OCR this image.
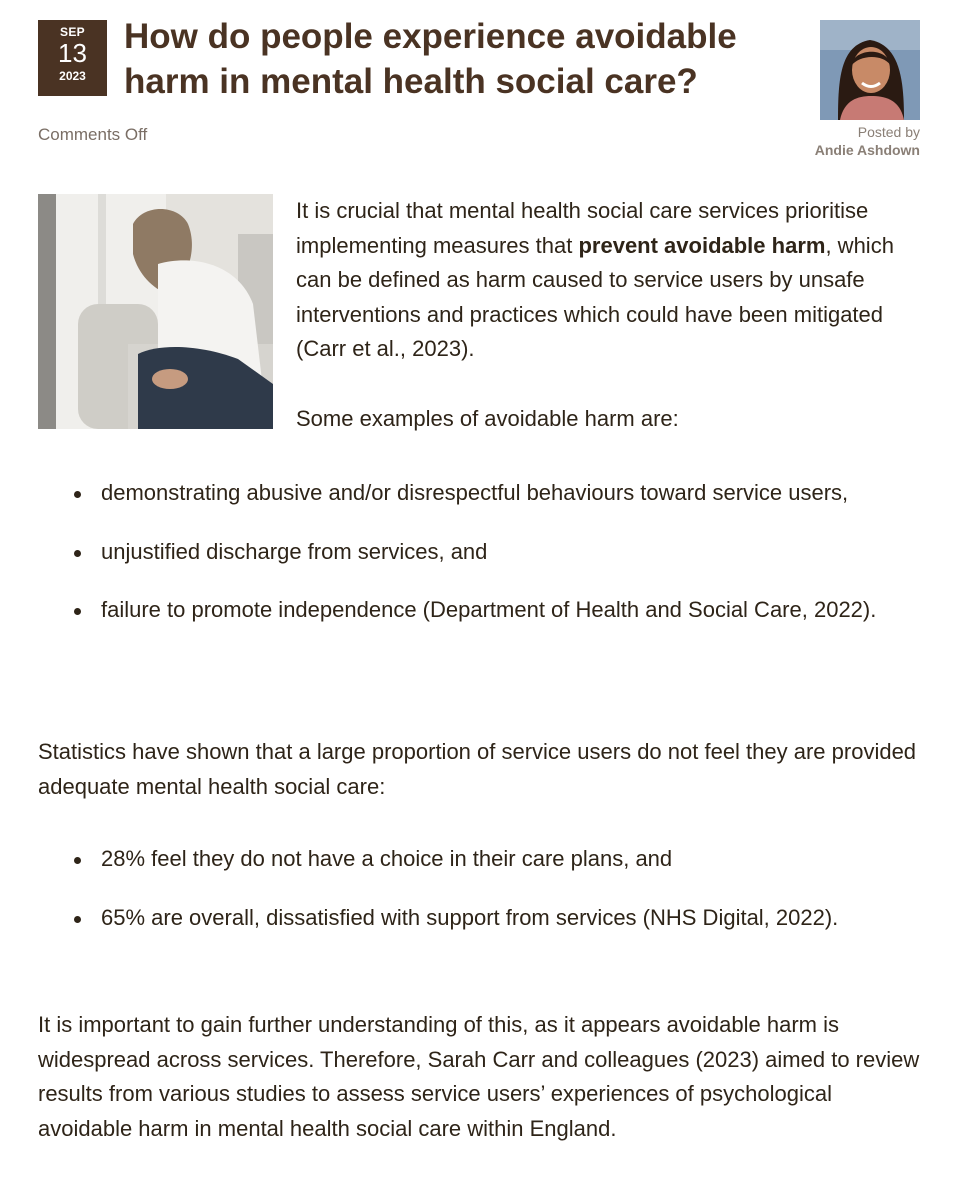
SEP
13
2023
How do people experience avoidable harm in mental health social care?
Comments Off	Posted by
Andie Ashdown

It is crucial that mental health social care services prioritise implementing measures that prevent avoidable harm, which can be defined as harm caused to service users by unsafe interventions and practices which could have been mitigated (Carr et al., 2023).

Some examples of avoidable harm are:

demonstrating abusive and/or disrespectful behaviours toward service users,
unjustified discharge from services, and
failure to promote independence (Department of Health and Social Care, 2022).

Statistics have shown that a large proportion of service users do not feel they are provided adequate mental health social care:

28% feel they do not have a choice in their care plans, and
65% are overall, dissatisfied with support from services (NHS Digital, 2022).

It is important to gain further understanding of this, as it appears avoidable harm is widespread across services. Therefore, Sarah Carr and colleagues (2023) aimed to review results from various studies to assess service users’ experiences of psychological avoidable harm in mental health social care within England.
